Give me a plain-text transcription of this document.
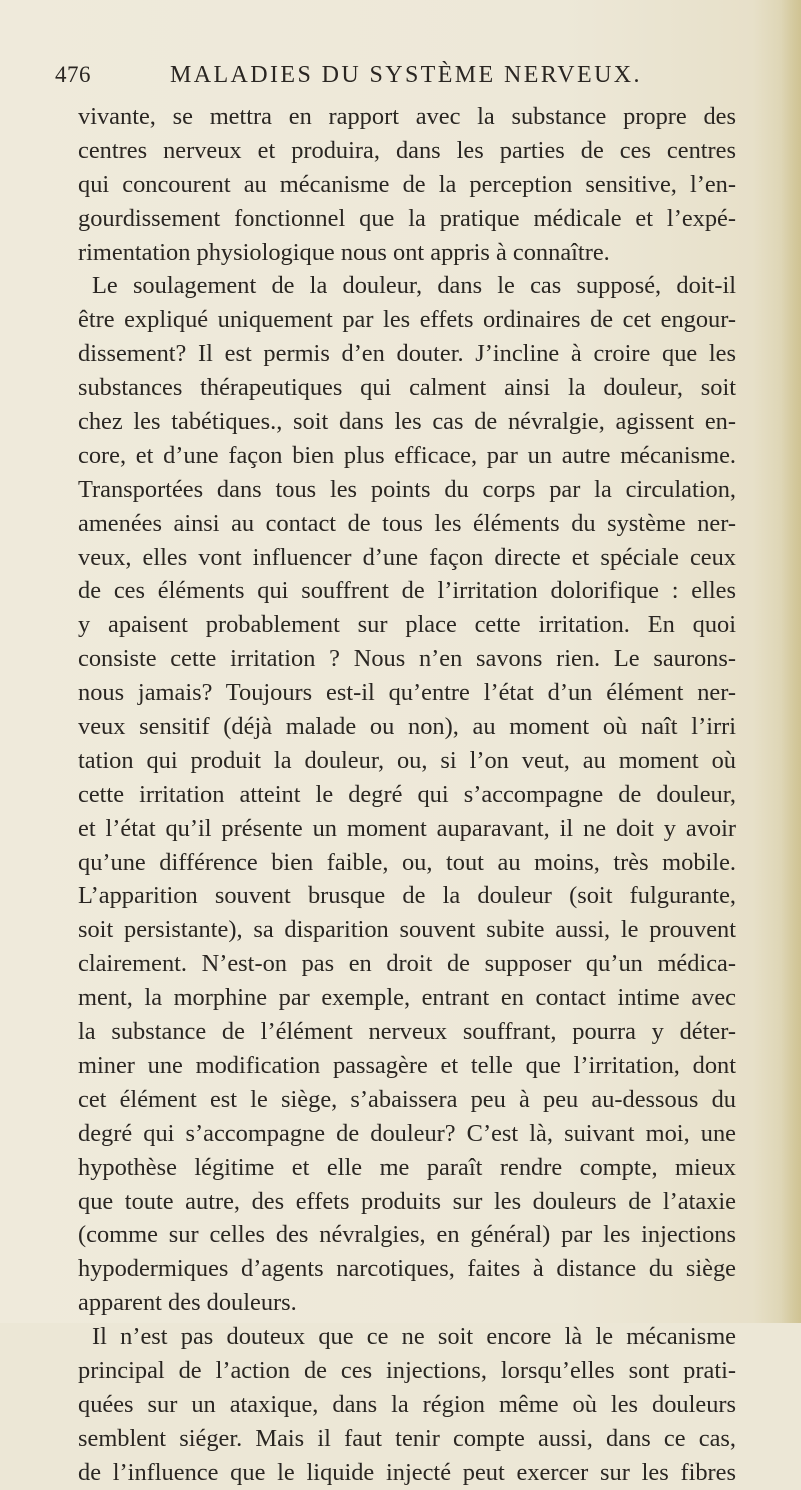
476	MALADIES DU SYSTÈME NERVEUX.
vivante, se mettra en rapport avec la substance propre des
centres nerveux et produira, dans les parties de ces centres
qui concourent au mécanisme de la perception sensitive, l’en-
gourdissement fonctionnel que la pratique médicale et l’expé-
rimentation physiologique nous ont appris à connaître.
Le soulagement de la douleur, dans le cas supposé, doit-il
être expliqué uniquement par les effets ordinaires de cet engour-
dissement? Il est permis d’en douter. J’incline à croire que les
substances thérapeutiques qui calment ainsi la douleur, soit
chez les tabétiques., soit dans les cas de névralgie, agissent en-
core, et d’une façon bien plus efficace, par un autre mécanisme.
Transportées dans tous les points du corps par la circulation,
amenées ainsi au contact de tous les éléments du système ner-
veux, elles vont influencer d’une façon directe et spéciale ceux
de ces éléments qui souffrent de l’irritation dolorifique : elles
y apaisent probablement sur place cette irritation. En quoi
consiste cette irritation ? Nous n’en savons rien. Le saurons-
nous jamais? Toujours est-il qu’entre l’état d’un élément ner-
veux sensitif (déjà malade ou non), au moment où naît l’irri
tation qui produit la douleur, ou, si l’on veut, au moment où
cette irritation atteint le degré qui s’accompagne de douleur,
et l’état qu’il présente un moment auparavant, il ne doit y avoir
qu’une différence bien faible, ou, tout au moins, très mobile.
L’apparition souvent brusque de la douleur (soit fulgurante,
soit persistante), sa disparition souvent subite aussi, le prouvent
clairement. N’est-on pas en droit de supposer qu’un médica-
ment, la morphine par exemple, entrant en contact intime avec
la substance de l’élément nerveux souffrant, pourra y déter-
miner une modification passagère et telle que l’irritation, dont
cet élément est le siège, s’abaissera peu à peu au-dessous du
degré qui s’accompagne de douleur? C’est là, suivant moi, une
hypothèse légitime et elle me paraît rendre compte, mieux
que toute autre, des effets produits sur les douleurs de l’ataxie
(comme sur celles des névralgies, en général) par les injections
hypodermiques d’agents narcotiques, faites à distance du siège
apparent des douleurs.
Il n’est pas douteux que ce ne soit encore là le mécanisme
principal de l’action de ces injections, lorsqu’elles sont prati-
quées sur un ataxique, dans la région même où les douleurs
semblent siéger. Mais il faut tenir compte aussi, dans ce cas,
de l’influence que le liquide injecté peut exercer sur les fibres
